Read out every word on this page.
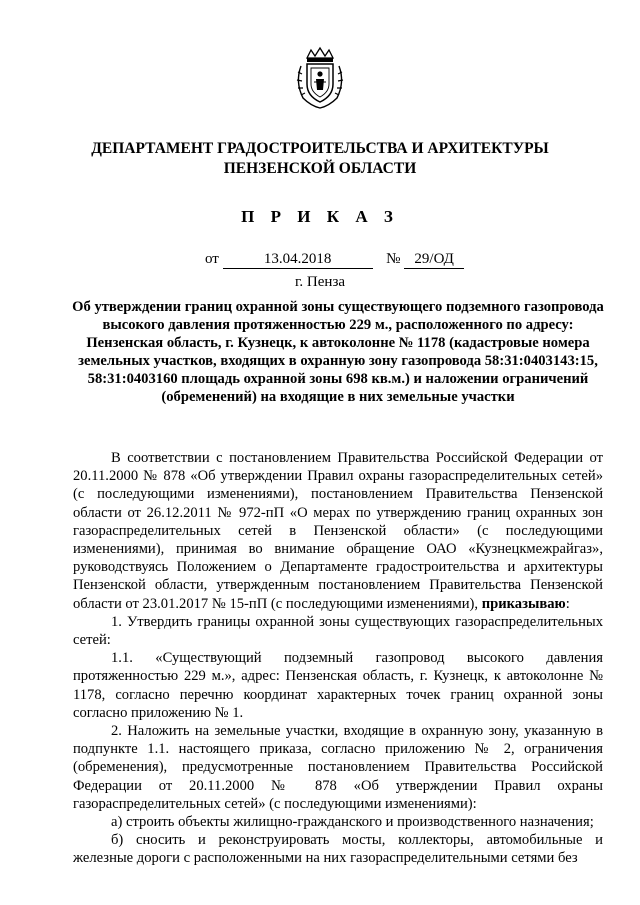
ДЕПАРТАМЕНТ ГРАДОСТРОИТЕЛЬСТВА И АРХИТЕКТУРЫ
ПЕНЗЕНСКОЙ ОБЛАСТИ
П Р И К А З
от	13.04.2018	№ 29/ОД
г. Пенза
Об утверждении границ охранной зоны существующего подземного газопровода высокого давления протяженностью 229 м., расположенного по адресу: Пензенская область, г. Кузнецк, к автоколонне № 1178 (кадастровые номера земельных участков, входящих в охранную зону газопровода 58:31:0403143:15, 58:31:0403160 площадь охранной зоны 698 кв.м.) и наложении ограничений (обременений) на входящие в них земельные участки

В соответствии с постановлением Правительства Российской Федерации от 20.11.2000 № 878 «Об утверждении Правил охраны газораспределительных сетей» (с последующими изменениями), постановлением Правительства Пензенской области от 26.12.2011 № 972-пП «О мерах по утверждению границ охранных зон газораспределительных сетей в Пензенской области» (с последующими изменениями), принимая во внимание обращение ОАО «Кузнецкмежрайгаз», руководствуясь Положением о Департаменте градостроительства и архитектуры Пензенской области, утвержденным постановлением Правительства Пензенской области от 23.01.2017 № 15-пП (с последующими изменениями), приказываю:

1. Утвердить границы охранной зоны существующих газораспределительных сетей:

1.1. «Существующий подземный газопровод высокого давления протяженностью 229 м.», адрес: Пензенская область, г. Кузнецк, к автоколонне № 1178, согласно перечню координат характерных точек границ охранной зоны согласно приложению № 1.

2. Наложить на земельные участки, входящие в охранную зону, указанную в подпункте 1.1. настоящего приказа, согласно приложению № 2, ограничения (обременения), предусмотренные постановлением Правительства Российской Федерации от 20.11.2000 № 878 «Об утверждении Правил охраны газораспределительных сетей» (с последующими изменениями):

а) строить объекты жилищно-гражданского и производственного назначения;

б) сносить и реконструировать мосты, коллекторы, автомобильные и железные дороги с расположенными на них газораспределительными сетями без
